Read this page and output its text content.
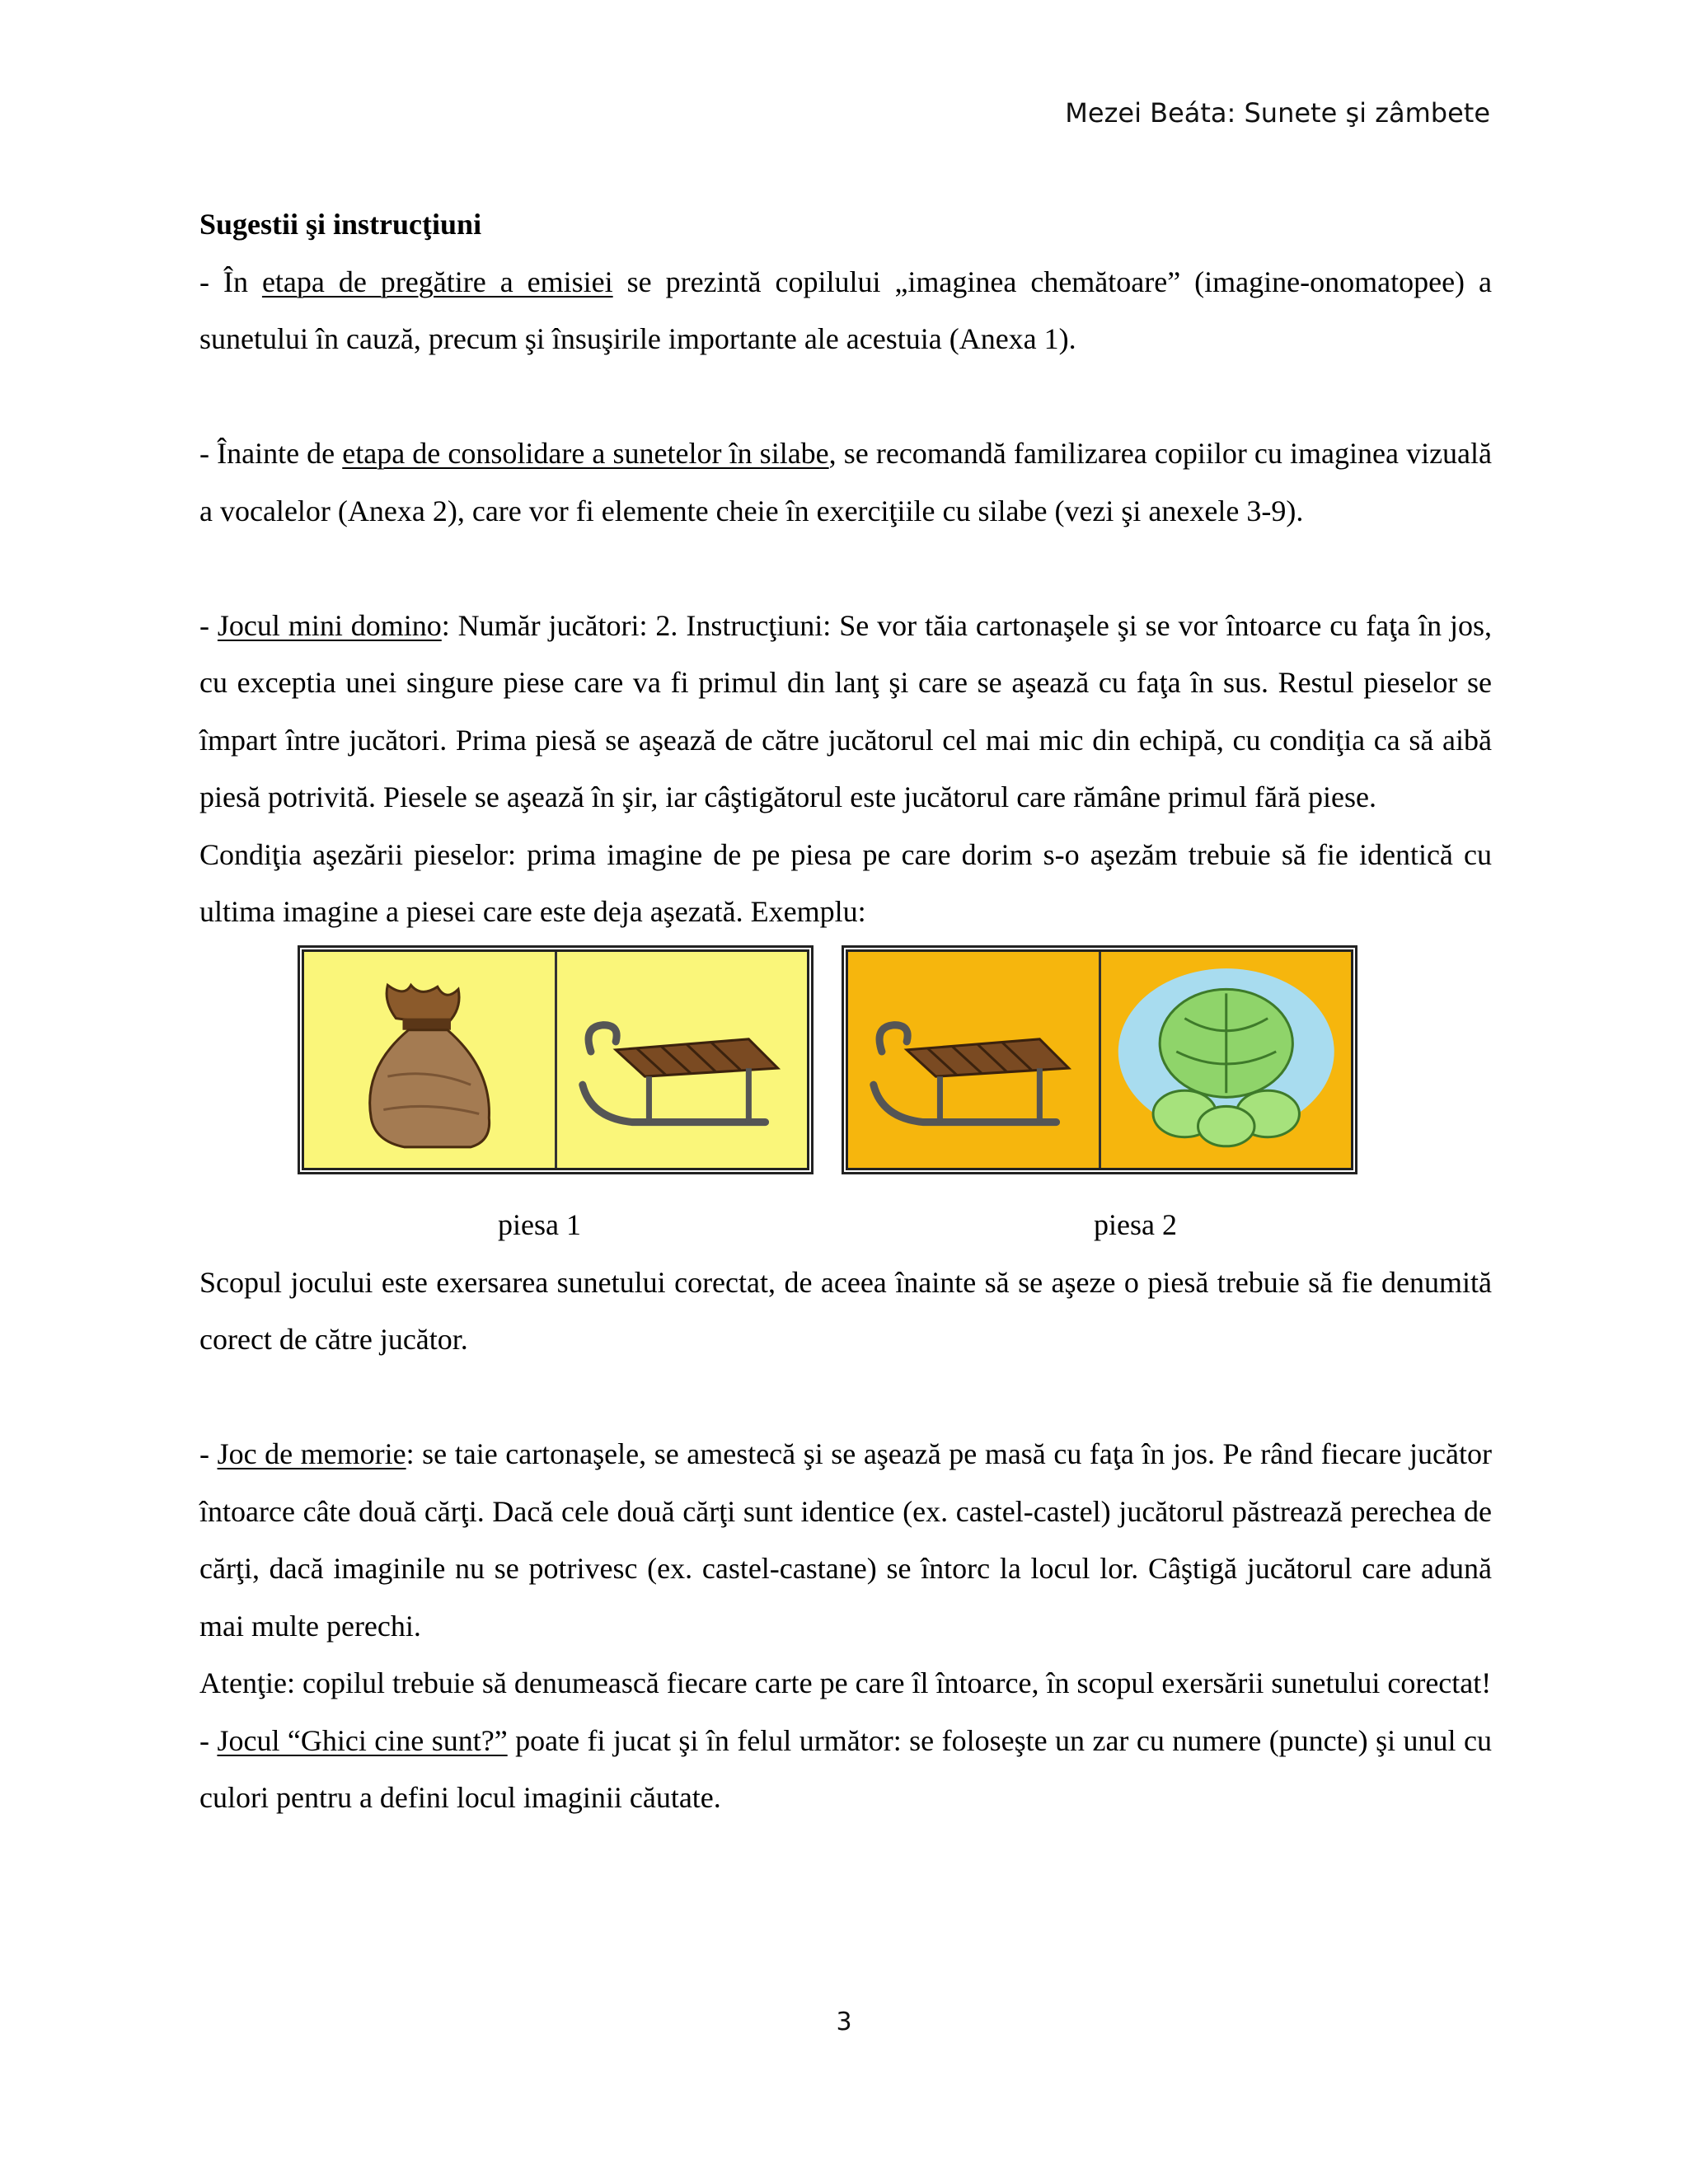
Mezei Beáta: Sunete şi zâmbete

Sugestii şi instrucţiuni

- În etapa de pregătire a emisiei se prezintă copilului „imaginea chemătoare” (imagine-onomatopee) a sunetului în cauză, precum şi însuşirile importante ale acestuia (Anexa 1).

- Înainte de etapa de consolidare a sunetelor în silabe, se recomandă familizarea copiilor cu imaginea vizuală a vocalelor (Anexa 2), care vor fi elemente cheie în exerciţiile cu silabe (vezi şi anexele 3-9).

- Jocul mini domino: Număr jucători: 2. Instrucţiuni: Se vor tăia cartonaşele şi se vor întoarce cu faţa în jos, cu exceptia unei singure piese care va fi primul din lanţ şi care se aşează cu faţa în sus. Restul pieselor se împart între jucători. Prima piesă se aşează de către jucătorul cel mai mic din echipă, cu condiţia ca să aibă piesă potrivită. Piesele se aşează în şir, iar câştigătorul este jucătorul care rămâne primul fără piese.

Condiţia aşezării pieselor: prima imagine de pe piesa pe care dorim s-o aşezăm trebuie să fie identică cu ultima imagine a piesei care este deja aşezată. Exemplu:

piesa 1	piesa 2

Scopul jocului este exersarea sunetului corectat, de aceea înainte să se aşeze o piesă trebuie să fie denumită corect de către jucător.

- Joc de memorie: se taie cartonaşele, se amestecă şi se aşează pe masă cu faţa în jos. Pe rând fiecare jucător întoarce câte două cărţi. Dacă cele două cărţi sunt identice (ex. castel-castel) jucătorul păstrează perechea de cărţi, dacă imaginile nu se potrivesc (ex. castel-castane) se întorc la locul lor. Câştigă jucătorul care adună mai multe perechi.

Atenţie: copilul trebuie să denumească fiecare carte pe care îl întoarce, în scopul exersării sunetului corectat!

- Jocul “Ghici cine sunt?” poate fi jucat şi în felul următor: se foloseşte un zar cu numere (puncte) şi unul cu culori pentru a defini locul imaginii căutate.

3
